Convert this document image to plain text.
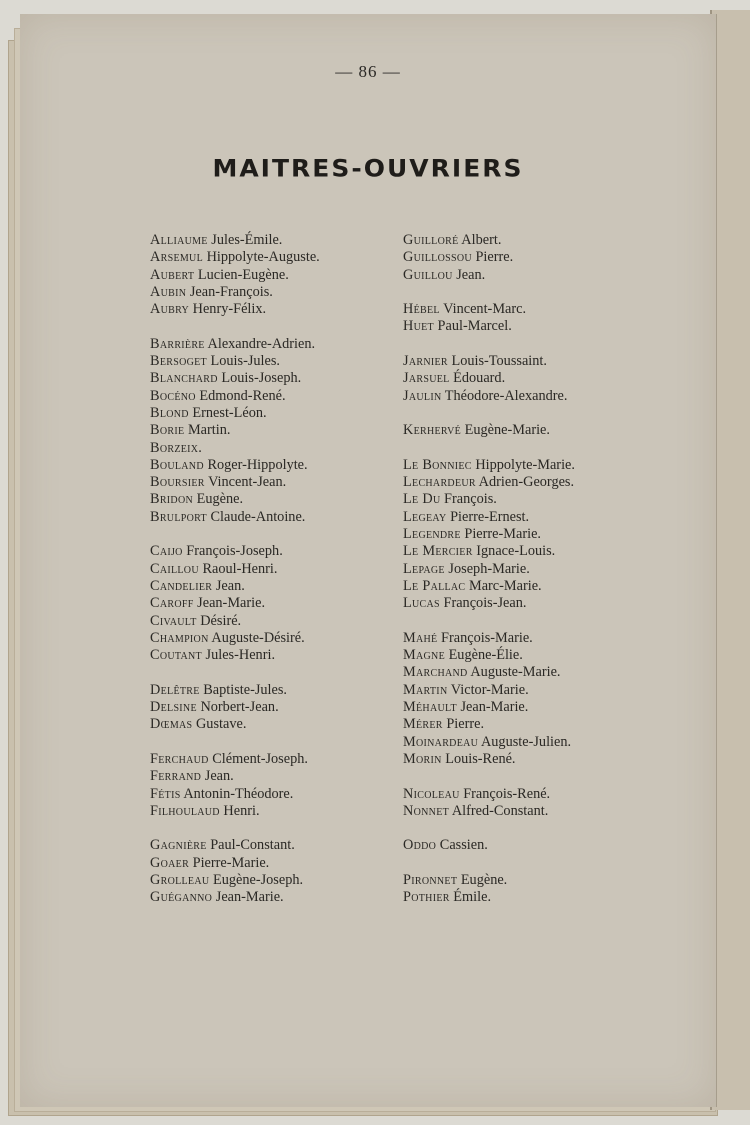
— 86 —
MAITRES-OUVRIERS
Alliaume Jules-Émile.
Arsemul Hippolyte-Auguste.
Aubert Lucien-Eugène.
Aubin Jean-François.
Aubry Henry-Félix.
Barrière Alexandre-Adrien.
Bersoget Louis-Jules.
Blanchard Louis-Joseph.
Bocéno Edmond-René.
Blond Ernest-Léon.
Borie Martin.
Borzeix.
Bouland Roger-Hippolyte.
Boursier Vincent-Jean.
Bridon Eugène.
Brulport Claude-Antoine.
Caijo François-Joseph.
Caillou Raoul-Henri.
Candelier Jean.
Caroff Jean-Marie.
Civault Désiré.
Champion Auguste-Désiré.
Coutant Jules-Henri.
Delêtre Baptiste-Jules.
Delsine Norbert-Jean.
Dœmas Gustave.
Ferchaud Clément-Joseph.
Ferrand Jean.
Fétis Antonin-Théodore.
Filhoulaud Henri.
Gagnière Paul-Constant.
Goaer Pierre-Marie.
Grolleau Eugène-Joseph.
Guéganno Jean-Marie.
Guilloré Albert.
Guillossou Pierre.
Guillou Jean.
Hébel Vincent-Marc.
Huet Paul-Marcel.
Jarnier Louis-Toussaint.
Jarsuel Édouard.
Jaulin Théodore-Alexandre.
Kerhervé Eugène-Marie.
Le Bonniec Hippolyte-Marie.
Lechardeur Adrien-Georges.
Le Du François.
Legeay Pierre-Ernest.
Legendre Pierre-Marie.
Le Mercier Ignace-Louis.
Lepage Joseph-Marie.
Le Pallac Marc-Marie.
Lucas François-Jean.
Mahé François-Marie.
Magne Eugène-Élie.
Marchand Auguste-Marie.
Martin Victor-Marie.
Méhault Jean-Marie.
Mérer Pierre.
Moinardeau Auguste-Julien.
Morin Louis-René.
Nicoleau François-René.
Nonnet Alfred-Constant.
Oddo Cassien.
Pironnet Eugène.
Pothier Émile.
